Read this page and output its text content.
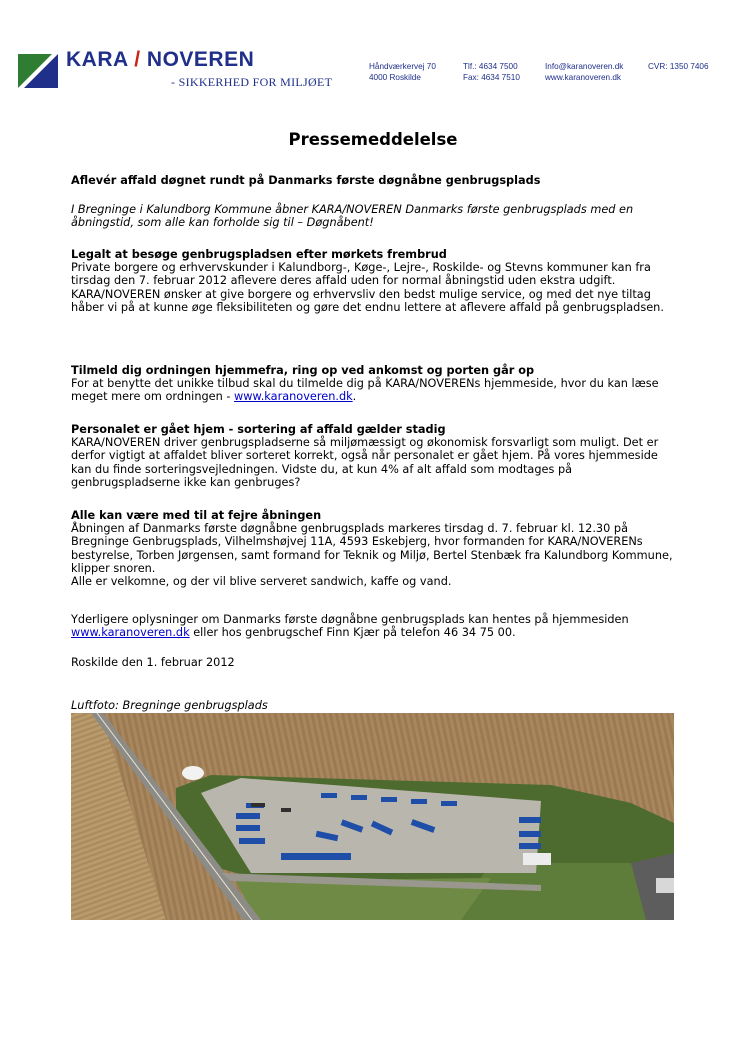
KARA / NOVEREN
- SIKKERHED FOR MILJØET
Håndværkervej 70
4000 Roskilde
Tlf.: 4634 7500
Fax: 4634 7510
Info@karanoveren.dk
www.karanoveren.dk
CVR: 1350 7406
Pressemeddelelse
Aflevér affald døgnet rundt på Danmarks første døgnåbne genbrugsplads
I Bregninge i Kalundborg Kommune åbner KARA/NOVEREN Danmarks første genbrugsplads med en åbningstid, som alle kan forholde sig til – Døgnåbent!

Legalt at besøge genbrugspladsen efter mørkets frembrud

Private borgere og erhvervskunder i Kalundborg-, Køge-, Lejre-, Roskilde- og Stevns kommuner kan fra tirsdag den 7. februar 2012 aflevere deres affald uden for normal åbningstid uden ekstra udgift.

KARA/NOVEREN ønsker at give borgere og erhvervsliv den bedst mulige service, og med det nye tiltag håber vi på at kunne øge fleksibiliteten og gøre det endnu lettere at aflevere affald på genbrugspladsen.

Tilmeld dig ordningen hjemmefra, ring op ved ankomst og porten går op

For at benytte det unikke tilbud skal du tilmelde dig på KARA/NOVERENs hjemmeside, hvor du kan læse meget mere om ordningen - www.karanoveren.dk.

Personalet er gået hjem - sortering af affald gælder stadig

KARA/NOVEREN driver genbrugspladserne så miljømæssigt og økonomisk forsvarligt som muligt. Det er derfor vigtigt at affaldet bliver sorteret korrekt, også når personalet er gået hjem. På vores hjemmeside kan du finde sorteringsvejledningen. Vidste du, at kun 4% af alt affald som modtages på genbrugspladserne ikke kan genbruges?

Alle kan være med til at fejre åbningen

Åbningen af Danmarks første døgnåbne genbrugsplads markeres tirsdag d. 7. februar kl. 12.30 på Bregninge Genbrugsplads, Vilhelmshøjvej 11A, 4593 Eskebjerg, hvor formanden for KARA/NOVERENs bestyrelse, Torben Jørgensen, samt formand for Teknik og Miljø, Bertel Stenbæk fra Kalundborg Kommune, klipper snoren.

Alle er velkomne, og der vil blive serveret sandwich, kaffe og vand.

Yderligere oplysninger om Danmarks første døgnåbne genbrugsplads kan hentes på hjemmesiden www.karanoveren.dk eller hos genbrugschef Finn Kjær på telefon 46 34 75 00.
Roskilde den 1. februar 2012
Luftfoto: Bregninge genbrugsplads
